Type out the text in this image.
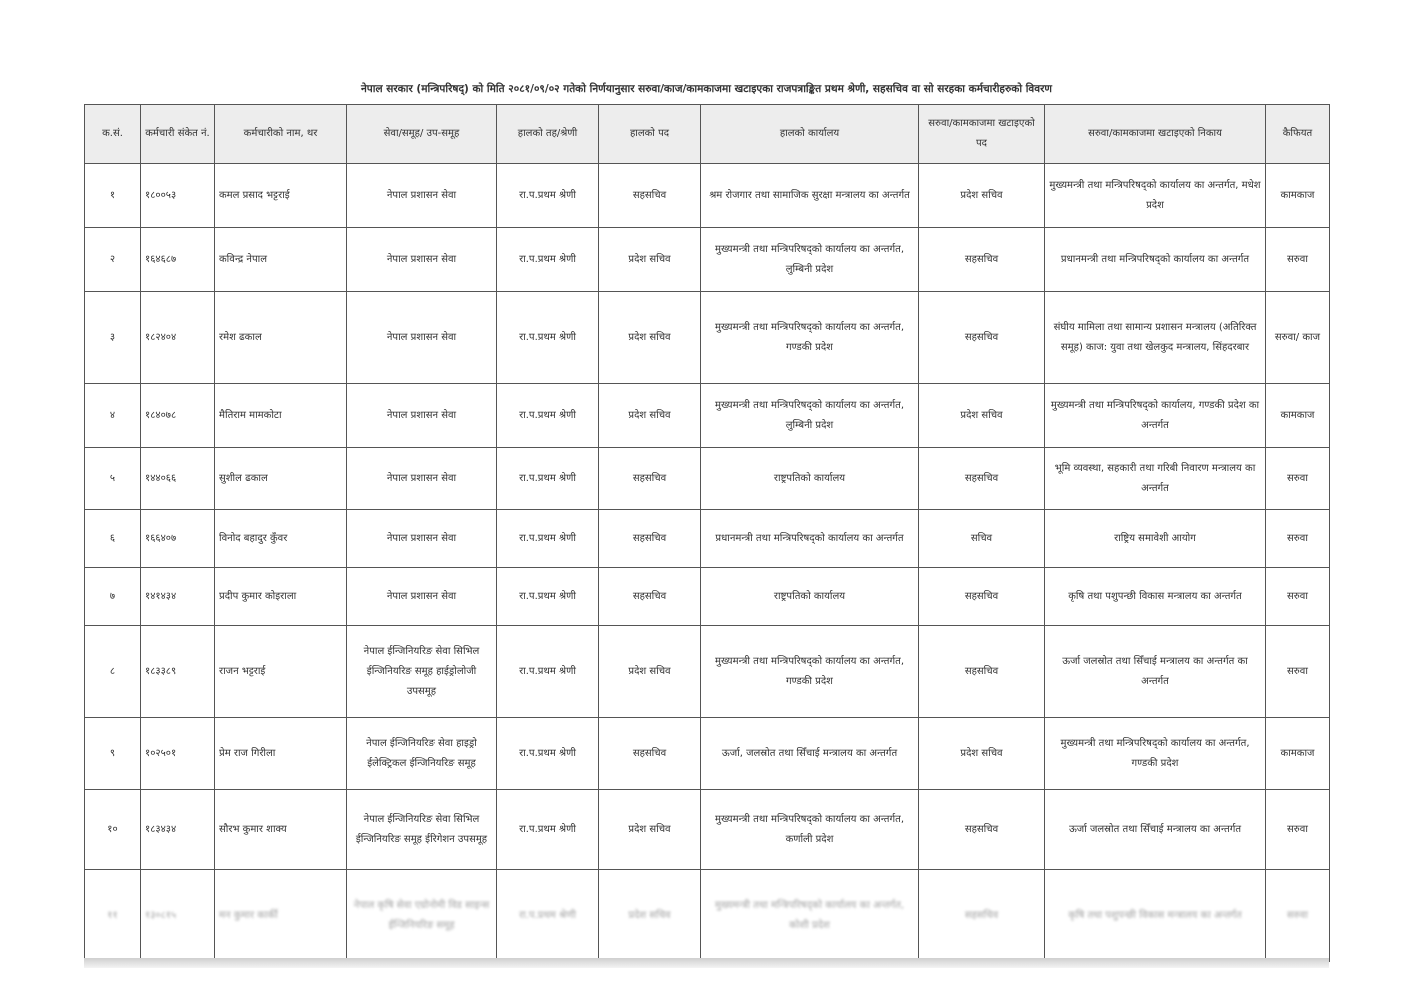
नेपाल सरकार (मन्त्रिपरिषद्) को मिति २०८१/०९/०२ गतेको निर्णयानुसार सरुवा/काज/कामकाजमा खटाइएका राजपत्राङ्कित प्रथम श्रेणी, सहसचिव वा सो सरहका कर्मचारीहरुको विवरण
क.सं.	कर्मचारी संकेत नं.	कर्मचारीको नाम, थर	सेवा/समूह/ उप-समूह	हालको तह/श्रेणी	हालको पद	हालको कार्यालय	सरुवा/कामकाजमा खटाइएको पद	सरुवा/कामकाजमा खटाइएको निकाय	कैफियत
१	१८००५३	कमल प्रसाद भट्टराई	नेपाल प्रशासन सेवा	रा.प.प्रथम श्रेणी	सहसचिव	श्रम रोजगार तथा सामाजिक सुरक्षा मन्त्रालय का अन्तर्गत	प्रदेश सचिव	मुख्यमन्त्री तथा मन्त्रिपरिषद्को कार्यालय का अन्तर्गत, मधेश प्रदेश	कामकाज
२	१६४६८७	कविन्द्र नेपाल	नेपाल प्रशासन सेवा	रा.प.प्रथम श्रेणी	प्रदेश सचिव	मुख्यमन्त्री तथा मन्त्रिपरिषद्को कार्यालय का अन्तर्गत, लुम्बिनी प्रदेश	सहसचिव	प्रधानमन्त्री तथा मन्त्रिपरिषद्को कार्यालय का अन्तर्गत	सरुवा
३	१८२४०४	रमेश ढकाल	नेपाल प्रशासन सेवा	रा.प.प्रथम श्रेणी	प्रदेश सचिव	मुख्यमन्त्री तथा मन्त्रिपरिषद्को कार्यालय का अन्तर्गत, गण्डकी प्रदेश	सहसचिव	संघीय मामिला तथा सामान्य प्रशासन मन्त्रालय (अतिरिक्त समूह) काज: युवा तथा खेलकुद मन्त्रालय, सिंहदरबार	सरुवा/ काज
४	१८४०७८	मैतिराम मामकोटा	नेपाल प्रशासन सेवा	रा.प.प्रथम श्रेणी	प्रदेश सचिव	मुख्यमन्त्री तथा मन्त्रिपरिषद्को कार्यालय का अन्तर्गत, लुम्बिनी प्रदेश	प्रदेश सचिव	मुख्यमन्त्री तथा मन्त्रिपरिषद्को कार्यालय, गण्डकी प्रदेश का अन्तर्गत	कामकाज
५	१४४०६६	सुशील ढकाल	नेपाल प्रशासन सेवा	रा.प.प्रथम श्रेणी	सहसचिव	राष्ट्रपतिको कार्यालय	सहसचिव	भूमि व्यवस्था, सहकारी तथा गरिबी निवारण मन्त्रालय का अन्तर्गत	सरुवा
६	१६६४०७	विनोद बहादुर कुँवर	नेपाल प्रशासन सेवा	रा.प.प्रथम श्रेणी	सहसचिव	प्रधानमन्त्री तथा मन्त्रिपरिषद्को कार्यालय का अन्तर्गत	सचिव	राष्ट्रिय समावेशी आयोग	सरुवा
७	१४१४३४	प्रदीप कुमार कोइराला	नेपाल प्रशासन सेवा	रा.प.प्रथम श्रेणी	सहसचिव	राष्ट्रपतिको कार्यालय	सहसचिव	कृषि तथा पशुपन्छी विकास मन्त्रालय का अन्तर्गत	सरुवा
८	१८३३८९	राजन भट्टराई	नेपाल ईन्जिनियरिङ सेवा सिभिल ईन्जिनियरिङ समूह हाईड्रोलोजी उपसमूह	रा.प.प्रथम श्रेणी	प्रदेश सचिव	मुख्यमन्त्री तथा मन्त्रिपरिषद्को कार्यालय का अन्तर्गत, गण्डकी प्रदेश	सहसचिव	ऊर्जा जलस्रोत तथा सिँचाई मन्त्रालय का अन्तर्गत का अन्तर्गत	सरुवा
९	१०२५०१	प्रेम राज गिरीला	नेपाल ईन्जिनियरिङ सेवा हाइड्रो ईलेक्ट्रिकल ईन्जिनियरिङ समूह	रा.प.प्रथम श्रेणी	सहसचिव	ऊर्जा, जलस्रोत तथा सिँचाई मन्त्रालय का अन्तर्गत	प्रदेश सचिव	मुख्यमन्त्री तथा मन्त्रिपरिषद्को कार्यालय का अन्तर्गत, गण्डकी प्रदेश	कामकाज
१०	१८३४३४	सौरभ कुमार शाक्य	नेपाल ईन्जिनियरिङ सेवा सिभिल ईन्जिनियरिङ समूह ईरिगेशन उपसमूह	रा.प.प्रथम श्रेणी	प्रदेश सचिव	मुख्यमन्त्री तथा मन्त्रिपरिषद्को कार्यालय का अन्तर्गत, कर्णाली प्रदेश	सहसचिव	ऊर्जा जलस्रोत तथा सिँचाई मन्त्रालय का अन्तर्गत	सरुवा
११	१३०८१५	मन कुमार कार्की	नेपाल कृषि सेवा एग्रोनोमी विड साइन्स ईन्जिनियरिङ समूह	रा.प.प्रथम श्रेणी	प्रदेश सचिव	मुख्यमन्त्री तथा मन्त्रिपरिषद्को कार्यालय का अन्तर्गत, कोशी प्रदेश	सहसचिव	कृषि तथा पशुपन्छी विकास मन्त्रालय का अन्तर्गत	सरुवा
